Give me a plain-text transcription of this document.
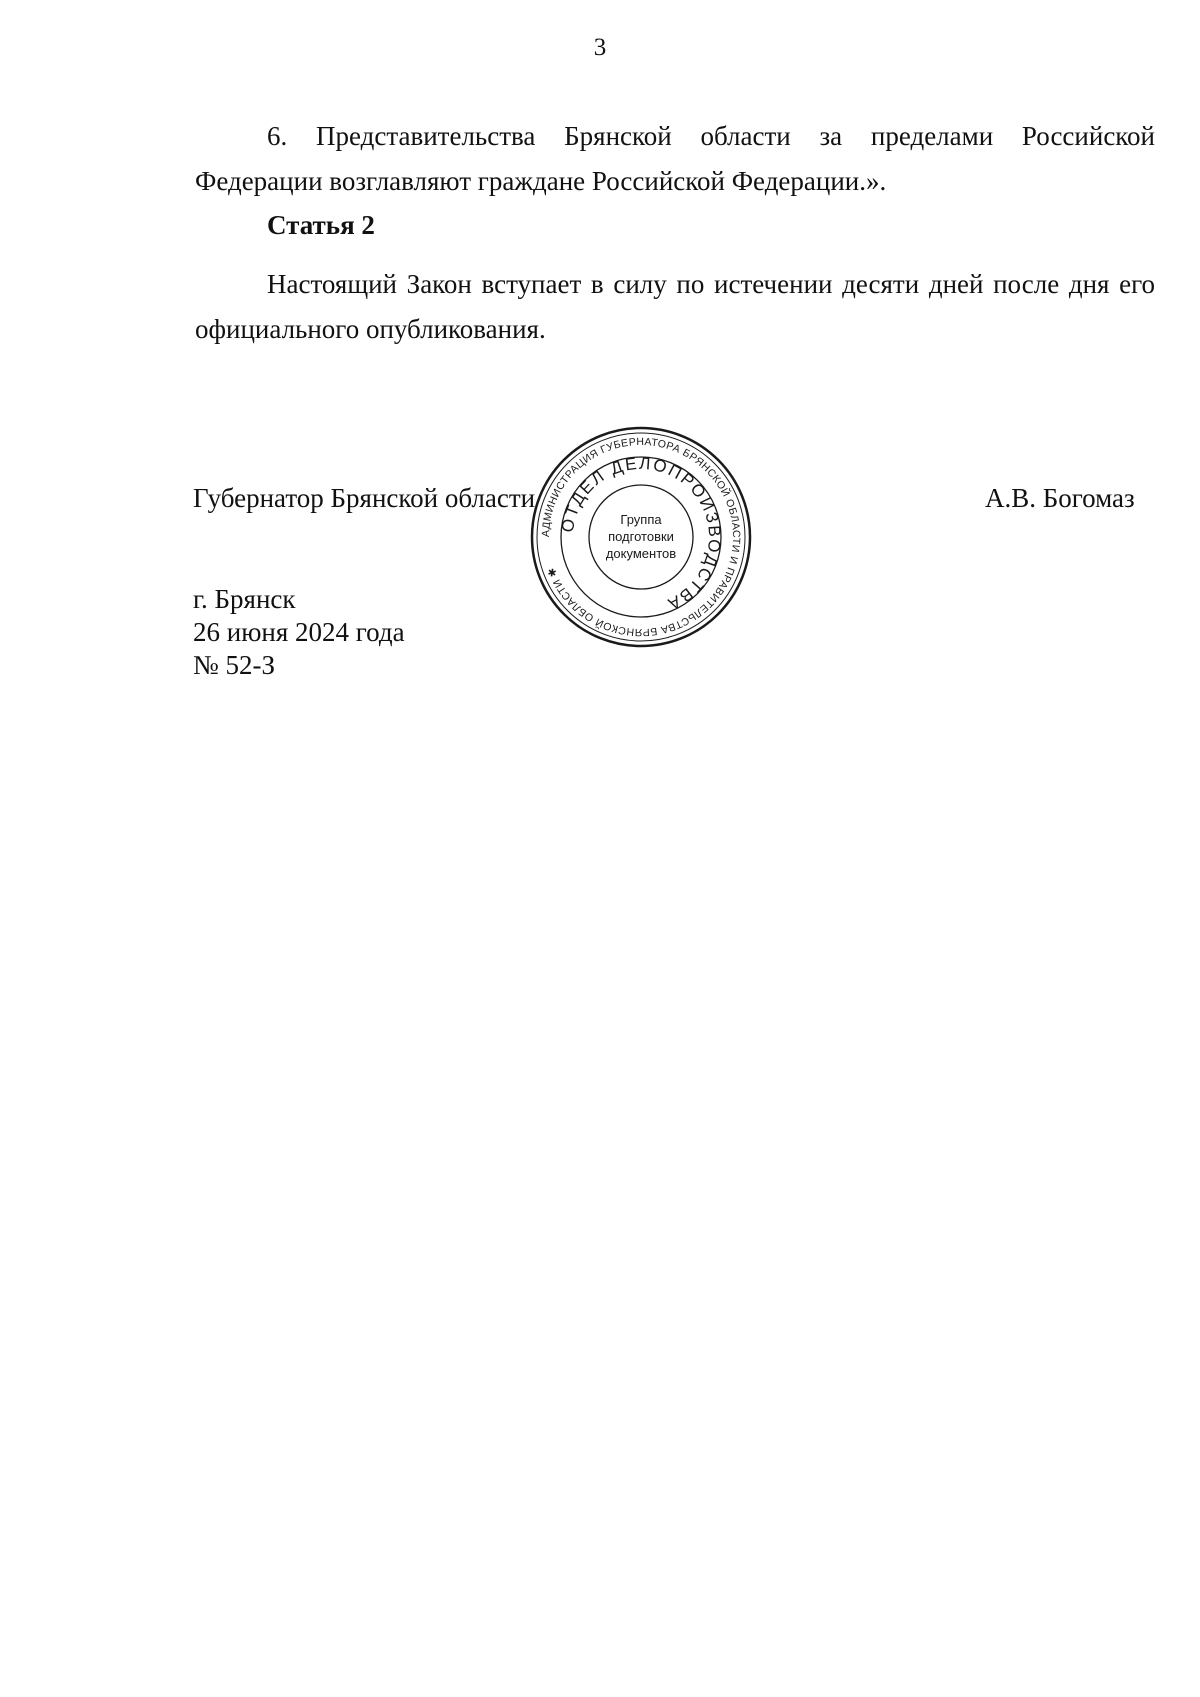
3

6. Представительства Брянской области за пределами Российской Федерации возглавляют граждане Российской Федерации.».

Статья 2

Настоящий Закон вступает в силу по истечении десяти дней после дня его официального опубликования.

Губернатор Брянской области
АДМИНИСТРАЦИЯ ГУБЕРНАТОРА БРЯНСКОЙ ОБЛАСТИ И ПРАВИТЕЛЬСТВА БРЯНСКОЙ ОБЛАСТИ ✱
ОТДЕЛ ДЕЛОПРОИЗВОДСТВА
Группа
подготовки
документов
А.В. Богомаз
г. Брянск
26 июня 2024 года
№ 52-З
